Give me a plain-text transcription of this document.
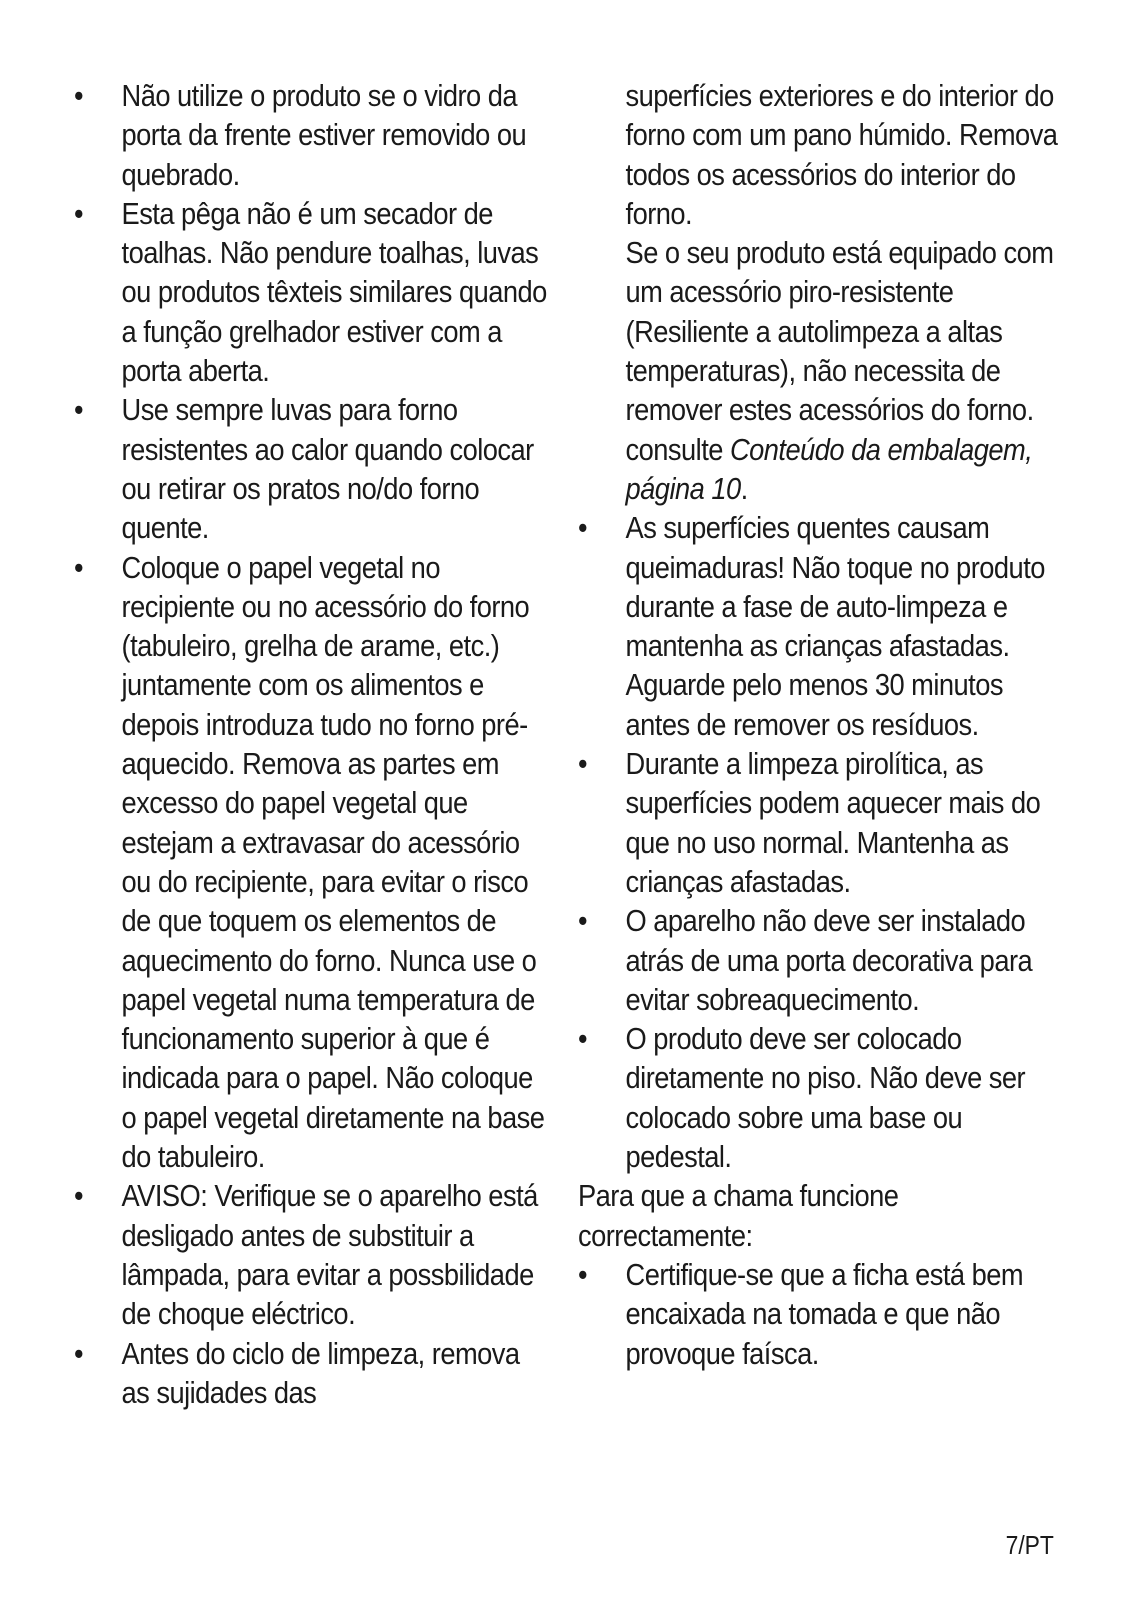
•	Não utilize o produto se o vidro da porta da frente estiver removido ou quebrado.
•	Esta pêga não é um secador de toalhas. Não pendure toalhas, luvas ou produtos têxteis similares quando a função grelhador estiver com a porta aberta.
•	Use sempre luvas para forno resistentes ao calor quando colocar ou retirar os pratos no/do forno quente.
•	Coloque o papel vegetal no recipiente ou no acessório do forno (tabuleiro, grelha de arame, etc.) juntamente com os alimentos e depois introduza tudo no forno pré-aquecido. Remova as partes em excesso do papel vegetal que estejam a extravasar do acessório ou do recipiente, para evitar o risco de que toquem os elementos de aquecimento do forno. Nunca use o papel vegetal numa temperatura de funcionamento superior à que é indicada para o papel. Não coloque o papel vegetal diretamente na base do tabuleiro.
•	AVISO: Verifique se o aparelho está desligado antes de substituir a lâmpada, para evitar a possbilidade de choque eléctrico.
•	Antes do ciclo de limpeza, remova as sujidades das
superfícies exteriores e do interior do forno com um pano húmido. Remova todos os acessórios do interior do forno.
Se o seu produto está equipado com um acessório piro-resistente (Resiliente a autolimpeza a altas temperaturas), não necessita de remover estes acessórios do forno. consulte Conteúdo da embalagem, página 10.
•	As superfícies quentes causam queimaduras! Não toque no produto durante a fase de auto-limpeza e mantenha as crianças afastadas. Aguarde pelo menos 30 minutos antes de remover os resíduos.
•	Durante a limpeza pirolítica, as superfícies podem aquecer mais do que no uso normal. Mantenha as crianças afastadas.
•	O aparelho não deve ser instalado atrás de uma porta decorativa para evitar sobreaquecimento.
•	O produto deve ser colocado diretamente no piso. Não deve ser colocado sobre uma base ou pedestal.
Para que a chama funcione correctamente:
•	Certifique-se que a ficha está bem encaixada na tomada e que não provoque faísca.
7/PT
